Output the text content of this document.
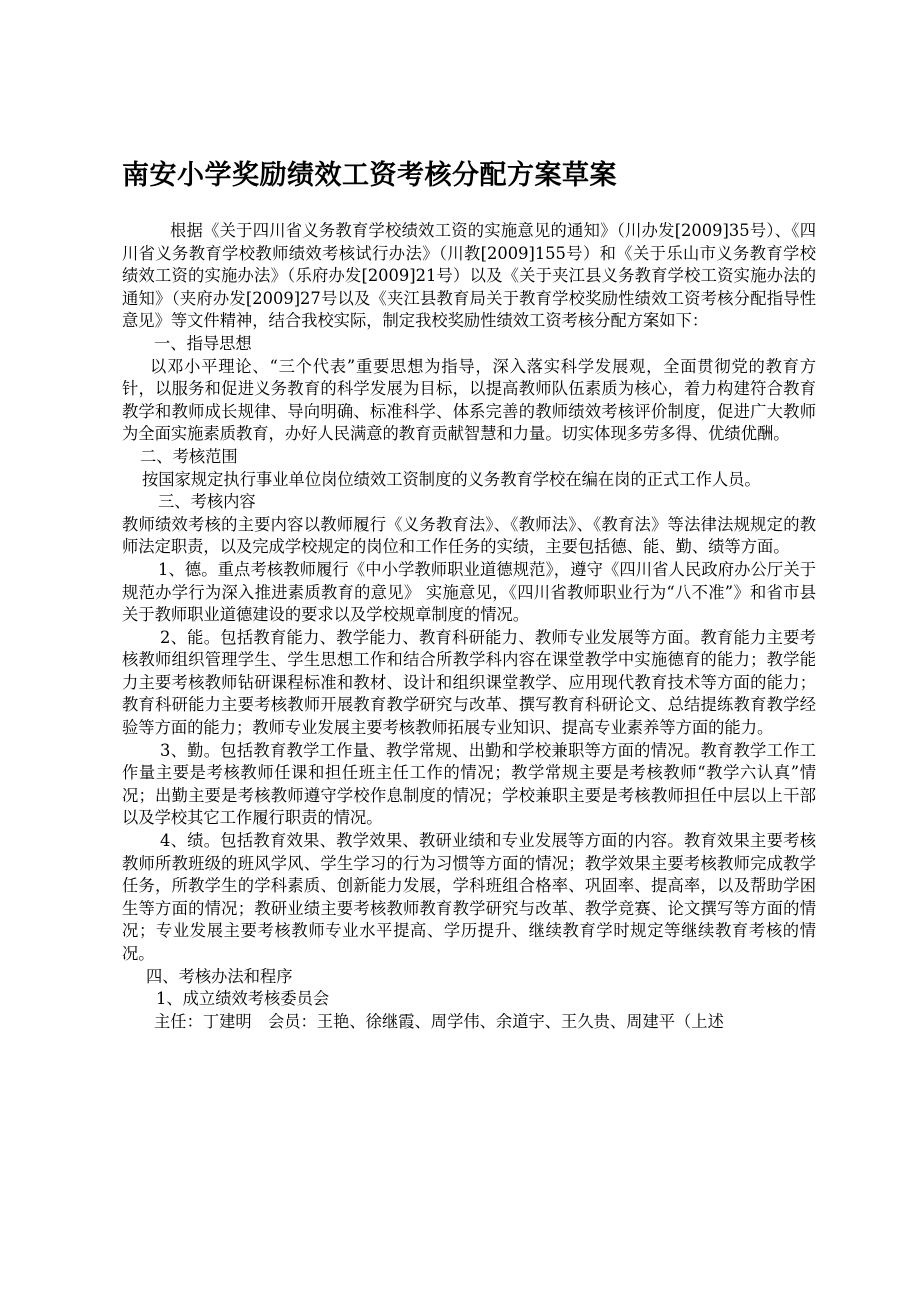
南安小学奖励绩效工资考核分配方案草案

根据《关于四川省义务教育学校绩效工资的实施意见的通知》（川办发[2009]35号）、《四川省义务教育学校教师绩效考核试行办法》（川教[2009]155号）和《关于乐山市义务教育学校绩效工资的实施办法》（乐府办发[2009]21号）以及《关于夹江县义务教育学校工资实施办法的通知》（夹府办发[2009]27号以及《夹江县教育局关于教育学校奖励性绩效工资考核分配指导性意见》等文件精神，结合我校实际，制定我校奖励性绩效工资考核分配方案如下：

一、指导思想

以邓小平理论、“三个代表”重要思想为指导，深入落实科学发展观，全面贯彻党的教育方针，以服务和促进义务教育的科学发展为目标，以提高教师队伍素质为核心，着力构建符合教育教学和教师成长规律、导向明确、标准科学、体系完善的教师绩效考核评价制度，促进广大教师为全面实施素质教育，办好人民满意的教育贡献智慧和力量。切实体现多劳多得、优绩优酬。

二、考核范围

按国家规定执行事业单位岗位绩效工资制度的义务教育学校在编在岗的正式工作人员。

三、考核内容

教师绩效考核的主要内容以教师履行《义务教育法》、《教师法》、《教育法》等法律法规规定的教师法定职责，以及完成学校规定的岗位和工作任务的实绩，主要包括德、能、勤、绩等方面。

1、德。重点考核教师履行《中小学教师职业道德规范》，遵守《四川省人民政府办公厅关于规范办学行为深入推进素质教育的意见》 实施意见，《四川省教师职业行为“八不准”》和省市县关于教师职业道德建设的要求以及学校规章制度的情况。

2、能。包括教育能力、教学能力、教育科研能力、教师专业发展等方面。教育能力主要考核教师组织管理学生、学生思想工作和结合所教学科内容在课堂教学中实施德育的能力；教学能力主要考核教师钻研课程标准和教材、设计和组织课堂教学、应用现代教育技术等方面的能力；教育科研能力主要考核教师开展教育教学研究与改革、撰写教育科研论文、总结提练教育教学经验等方面的能力；教师专业发展主要考核教师拓展专业知识、提高专业素养等方面的能力。

3、勤。包括教育教学工作量、教学常规、出勤和学校兼职等方面的情况。教育教学工作工作量主要是考核教师任课和担任班主任工作的情况；教学常规主要是考核教师“教学六认真”情况；出勤主要是考核教师遵守学校作息制度的情况；学校兼职主要是考核教师担任中层以上干部以及学校其它工作履行职责的情况。

4、绩。包括教育效果、教学效果、教研业绩和专业发展等方面的内容。教育效果主要考核教师所教班级的班风学风、学生学习的行为习惯等方面的情况；教学效果主要考核教师完成教学任务，所教学生的学科素质、创新能力发展，学科班组合格率、巩固率、提高率，以及帮助学困生等方面的情况；教研业绩主要考核教师教育教学研究与改革、教学竞赛、论文撰写等方面的情况；专业发展主要考核教师专业水平提高、学历提升、继续教育学时规定等继续教育考核的情况。

四、考核办法和程序

1、成立绩效考核委员会

主任：丁建明　会员：王艳、徐继霞、周学伟、余道宇、王久贵、周建平（上述
